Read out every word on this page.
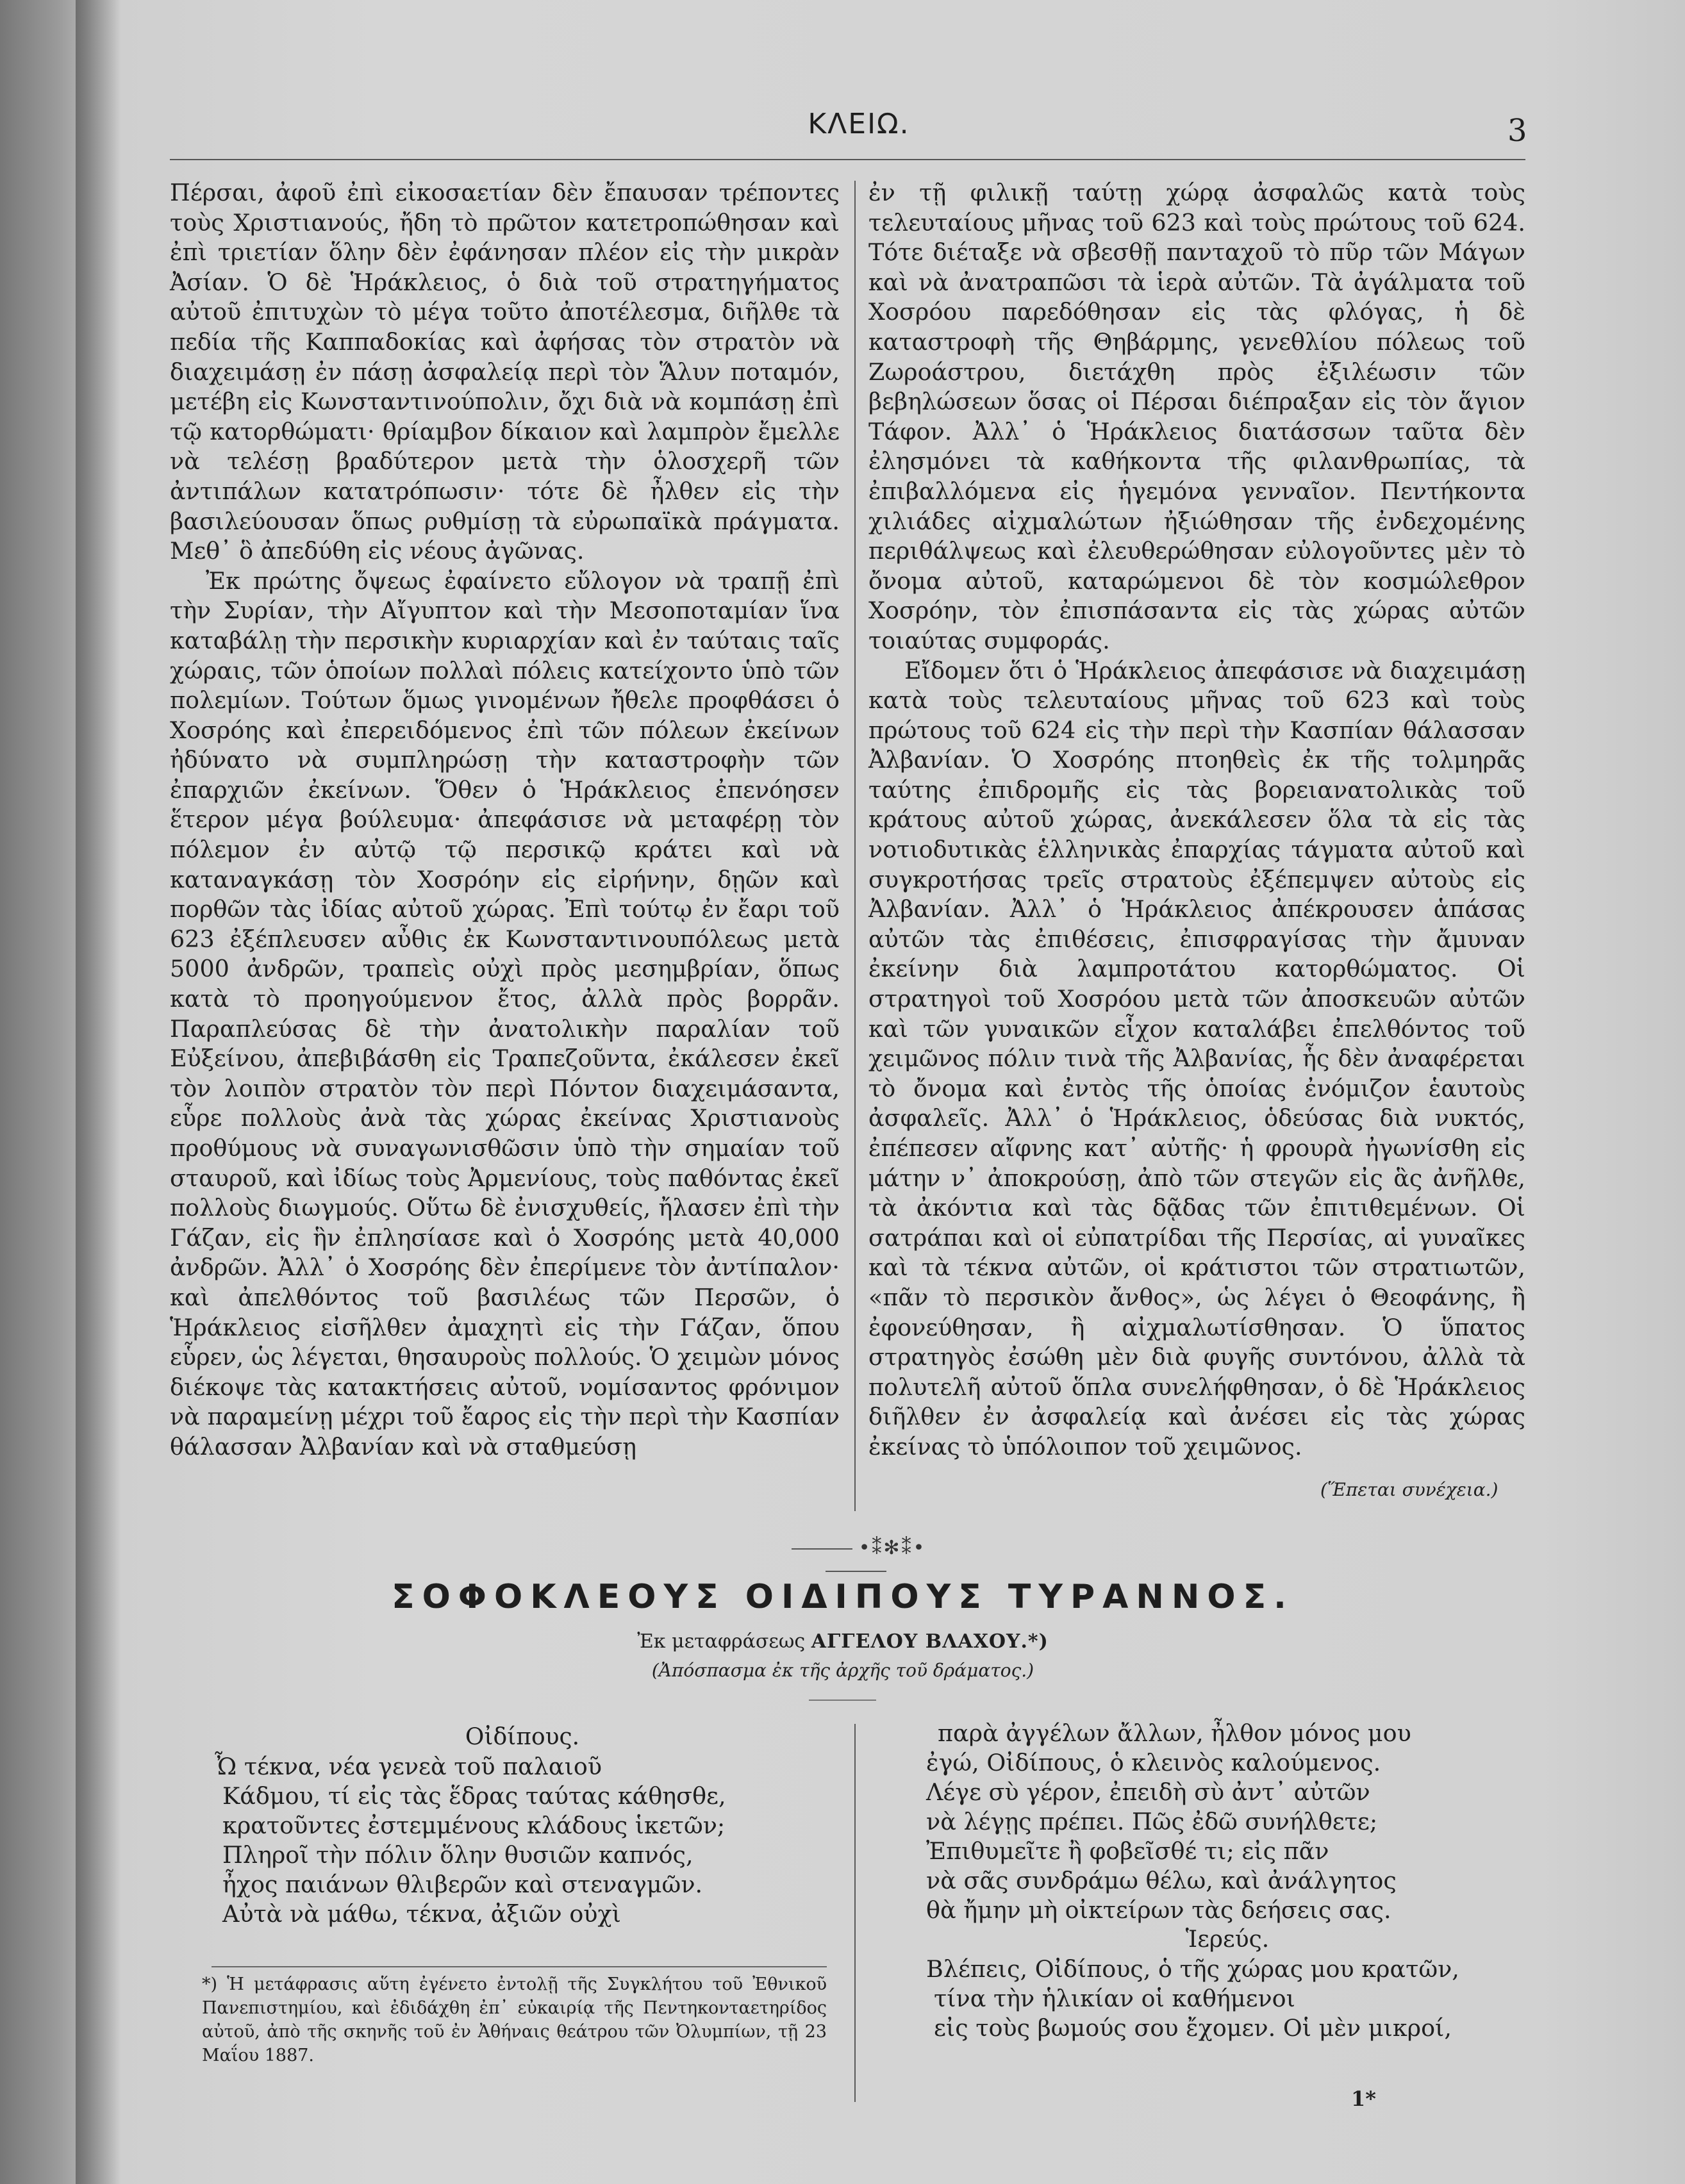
ΚΛΕΙΩ.	3

Πέρσαι, ἀφοῦ ἐπὶ εἰκοσαετίαν δὲν ἔπαυσαν τρέποντες τοὺς Χριστιανούς, ἤδη τὸ πρῶτον κατετροπώθησαν καὶ ἐπὶ τριετίαν ὅλην δὲν ἐφάνησαν πλέον εἰς τὴν μικρὰν Ἀσίαν. Ὁ δὲ Ἡράκλειος, ὁ διὰ τοῦ στρατηγήματος αὐτοῦ ἐπιτυχὼν τὸ μέγα τοῦτο ἀποτέλεσμα, διῆλθε τὰ πεδία τῆς Καππαδοκίας καὶ ἀφήσας τὸν στρατὸν νὰ διαχειμάσῃ ἐν πάσῃ ἀσφαλείᾳ περὶ τὸν Ἅλυν ποταμόν, μετέβη εἰς Κωνσταντινούπολιν, ὄχι διὰ νὰ κομπάσῃ ἐπὶ τῷ κατορθώματι· θρίαμβον δίκαιον καὶ λαμπρὸν ἔμελλε νὰ τελέσῃ βραδύτερον μετὰ τὴν ὁλοσχερῆ τῶν ἀντιπάλων κατατρόπωσιν· τότε δὲ ἦλθεν εἰς τὴν βασιλεύουσαν ὅπως ρυθμίσῃ τὰ εὐρωπαϊκὰ πράγματα. Μεθ᾽ ὃ ἀπεδύθη εἰς νέους ἀγῶνας.

Ἐκ πρώτης ὄψεως ἐφαίνετο εὔλογον νὰ τραπῇ ἐπὶ τὴν Συρίαν, τὴν Αἴγυπτον καὶ τὴν Μεσοποταμίαν ἵνα καταβάλῃ τὴν περσικὴν κυριαρχίαν καὶ ἐν ταύταις ταῖς χώραις, τῶν ὁποίων πολλαὶ πόλεις κατείχοντο ὑπὸ τῶν πολεμίων. Τούτων ὅμως γινομένων ἤθελε προφθάσει ὁ Χοσρόης καὶ ἐπερειδόμενος ἐπὶ τῶν πόλεων ἐκείνων ἠδύνατο νὰ συμπληρώσῃ τὴν καταστροφὴν τῶν ἐπαρχιῶν ἐκείνων. Ὅθεν ὁ Ἡράκλειος ἐπενόησεν ἕτερον μέγα βούλευμα· ἀπεφάσισε νὰ μεταφέρῃ τὸν πόλεμον ἐν αὐτῷ τῷ περσικῷ κράτει καὶ νὰ καταναγκάσῃ τὸν Χοσρόην εἰς εἰρήνην, δῃῶν καὶ πορθῶν τὰς ἰδίας αὐτοῦ χώρας. Ἐπὶ τούτῳ ἐν ἔαρι τοῦ 623 ἐξέπλευσεν αὖθις ἐκ Κωνσταντινουπόλεως μετὰ 5000 ἀνδρῶν, τραπεὶς οὐχὶ πρὸς μεσημβρίαν, ὅπως κατὰ τὸ προηγούμενον ἔτος, ἀλλὰ πρὸς βορρᾶν. Παραπλεύσας δὲ τὴν ἀνατολικὴν παραλίαν τοῦ Εὐξείνου, ἀπεβιβάσθη εἰς Τραπεζοῦντα, ἐκάλεσεν ἐκεῖ τὸν λοιπὸν στρατὸν τὸν περὶ Πόντον διαχειμάσαντα, εὗρε πολλοὺς ἀνὰ τὰς χώρας ἐκείνας Χριστιανοὺς προθύμους νὰ συναγωνισθῶσιν ὑπὸ τὴν σημαίαν τοῦ σταυροῦ, καὶ ἰδίως τοὺς Ἀρμενίους, τοὺς παθόντας ἐκεῖ πολλοὺς διωγμούς. Οὕτω δὲ ἐνισχυθείς, ἤλασεν ἐπὶ τὴν Γάζαν, εἰς ἣν ἐπλησίασε καὶ ὁ Χοσρόης μετὰ 40,000 ἀνδρῶν. Ἀλλ᾽ ὁ Χοσρόης δὲν ἐπερίμενε τὸν ἀντίπαλον· καὶ ἀπελθόντος τοῦ βασιλέως τῶν Περσῶν, ὁ Ἡράκλειος εἰσῆλθεν ἀμαχητὶ εἰς τὴν Γάζαν, ὅπου εὗρεν, ὡς λέγεται, θησαυροὺς πολλούς. Ὁ χειμὼν μόνος διέκοψε τὰς κατακτήσεις αὐτοῦ, νομίσαντος φρόνιμον νὰ παραμείνῃ μέχρι τοῦ ἔαρος εἰς τὴν περὶ τὴν Κασπίαν θάλασσαν Ἀλβανίαν καὶ νὰ σταθμεύσῃ

ἐν τῇ φιλικῇ ταύτῃ χώρᾳ ἀσφαλῶς κατὰ τοὺς τελευταίους μῆνας τοῦ 623 καὶ τοὺς πρώτους τοῦ 624. Τότε διέταξε νὰ σβεσθῇ πανταχοῦ τὸ πῦρ τῶν Μάγων καὶ νὰ ἀνατραπῶσι τὰ ἱερὰ αὐτῶν. Τὰ ἀγάλματα τοῦ Χοσρόου παρεδόθησαν εἰς τὰς φλόγας, ἡ δὲ καταστροφὴ τῆς Θηβάρμης, γενεθλίου πόλεως τοῦ Ζωροάστρου, διετάχθη πρὸς ἐξιλέωσιν τῶν βεβηλώσεων ὅσας οἱ Πέρσαι διέπραξαν εἰς τὸν ἅγιον Τάφον. Ἀλλ᾽ ὁ Ἡράκλειος διατάσσων ταῦτα δὲν ἐλησμόνει τὰ καθήκοντα τῆς φιλανθρωπίας, τὰ ἐπιβαλλόμενα εἰς ἡγεμόνα γενναῖον. Πεντήκοντα χιλιάδες αἰχμαλώτων ἠξιώθησαν τῆς ἐνδεχομένης περιθάλψεως καὶ ἐλευθερώθησαν εὐλογοῦντες μὲν τὸ ὄνομα αὐτοῦ, καταρώμενοι δὲ τὸν κοσμώλεθρον Χοσρόην, τὸν ἐπισπάσαντα εἰς τὰς χώρας αὐτῶν τοιαύτας συμφοράς.

Εἴδομεν ὅτι ὁ Ἡράκλειος ἀπεφάσισε νὰ διαχειμάσῃ κατὰ τοὺς τελευταίους μῆνας τοῦ 623 καὶ τοὺς πρώτους τοῦ 624 εἰς τὴν περὶ τὴν Κασπίαν θάλασσαν Ἀλβανίαν. Ὁ Χοσρόης πτοηθεὶς ἐκ τῆς τολμηρᾶς ταύτης ἐπιδρομῆς εἰς τὰς βορειανατολικὰς τοῦ κράτους αὐτοῦ χώρας, ἀνεκάλεσεν ὅλα τὰ εἰς τὰς νοτιοδυτικὰς ἑλληνικὰς ἐπαρχίας τάγματα αὐτοῦ καὶ συγκροτήσας τρεῖς στρατοὺς ἐξέπεμψεν αὐτοὺς εἰς Ἀλβανίαν. Ἀλλ᾽ ὁ Ἡράκλειος ἀπέκρουσεν ἁπάσας αὐτῶν τὰς ἐπιθέσεις, ἐπισφραγίσας τὴν ἄμυναν ἐκείνην διὰ λαμπροτάτου κατορθώματος. Οἱ στρατηγοὶ τοῦ Χοσρόου μετὰ τῶν ἀποσκευῶν αὐτῶν καὶ τῶν γυναικῶν εἶχον καταλάβει ἐπελθόντος τοῦ χειμῶνος πόλιν τινὰ τῆς Ἀλβανίας, ἧς δὲν ἀναφέρεται τὸ ὄνομα καὶ ἐντὸς τῆς ὁποίας ἐνόμιζον ἑαυτοὺς ἀσφαλεῖς. Ἀλλ᾽ ὁ Ἡράκλειος, ὁδεύσας διὰ νυκτός, ἐπέπεσεν αἴφνης κατ᾽ αὐτῆς· ἡ φρουρὰ ἠγωνίσθη εἰς μάτην ν᾽ ἀποκρούσῃ, ἀπὸ τῶν στεγῶν εἰς ἃς ἀνῆλθε, τὰ ἀκόντια καὶ τὰς δᾷδας τῶν ἐπιτιθεμένων. Οἱ σατράπαι καὶ οἱ εὐπατρίδαι τῆς Περσίας, αἱ γυναῖκες καὶ τὰ τέκνα αὐτῶν, οἱ κράτιστοι τῶν στρατιωτῶν, «πᾶν τὸ περσικὸν ἄνθος», ὡς λέγει ὁ Θεοφάνης, ἢ ἐφονεύθησαν, ἢ αἰχμαλωτίσθησαν. Ὁ ὕπατος στρατηγὸς ἐσώθη μὲν διὰ φυγῆς συντόνου, ἀλλὰ τὰ πολυτελῆ αὐτοῦ ὅπλα συνελήφθησαν, ὁ δὲ Ἡράκλειος διῆλθεν ἐν ἀσφαλείᾳ καὶ ἀνέσει εἰς τὰς χώρας ἐκείνας τὸ ὑπόλοιπον τοῦ χειμῶνος.

(Ἕπεται συνέχεια.)
•⁑✻⁑•
ΣΟΦΟΚΛΕΟΥΣ ΟΙΔΙΠΟΥΣ ΤΥΡΑΝΝΟΣ.
Ἐκ μεταφράσεως ΑΓΓΕΛΟΥ ΒΛΑΧΟΥ.*)
(Ἀπόσπασμα ἐκ τῆς ἀρχῆς τοῦ δράματος.)

Οἰδίπους.

Ὦ τέκνα, νέα γενεὰ τοῦ παλαιοῦ
Κάδμου, τί εἰς τὰς ἕδρας ταύτας κάθησθε,
κρατοῦντες ἐστεμμένους κλάδους ἱκετῶν;
Πληροῖ τὴν πόλιν ὅλην θυσιῶν καπνός,
ἦχος παιάνων θλιβερῶν καὶ στεναγμῶν.
Αὐτὰ νὰ μάθω, τέκνα, ἀξιῶν οὐχὶ
παρὰ ἀγγέλων ἄλλων, ἦλθον μόνος μου
ἐγώ, Οἰδίπους, ὁ κλεινὸς καλούμενος.
Λέγε σὺ γέρον, ἐπειδὴ σὺ ἀντ᾽ αὐτῶν
νὰ λέγῃς πρέπει. Πῶς ἐδῶ συνήλθετε;
Ἐπιθυμεῖτε ἢ φοβεῖσθέ τι; εἰς πᾶν
νὰ σᾶς συνδράμω θέλω, καὶ ἀνάλγητος
θὰ ἤμην μὴ οἰκτείρων τὰς δεήσεις σας.

Ἱερεύς.

Βλέπεις, Οἰδίπους, ὁ τῆς χώρας μου κρατῶν,
τίνα τὴν ἡλικίαν οἱ καθήμενοι
εἰς τοὺς βωμούς σου ἔχομεν. Οἱ μὲν μικροί,

*) Ἡ μετάφρασις αὕτη ἐγένετο ἐντολῇ τῆς Συγκλήτου τοῦ Ἐθνικοῦ Πανεπιστημίου, καὶ ἐδιδάχθη ἐπ᾽ εὐκαιρίᾳ τῆς Πεντηκονταετηρίδος αὐτοῦ, ἀπὸ τῆς σκηνῆς τοῦ ἐν Ἀθήναις θεάτρου τῶν Ὀλυμπίων, τῇ 23 Μαΐου 1887.

1*
